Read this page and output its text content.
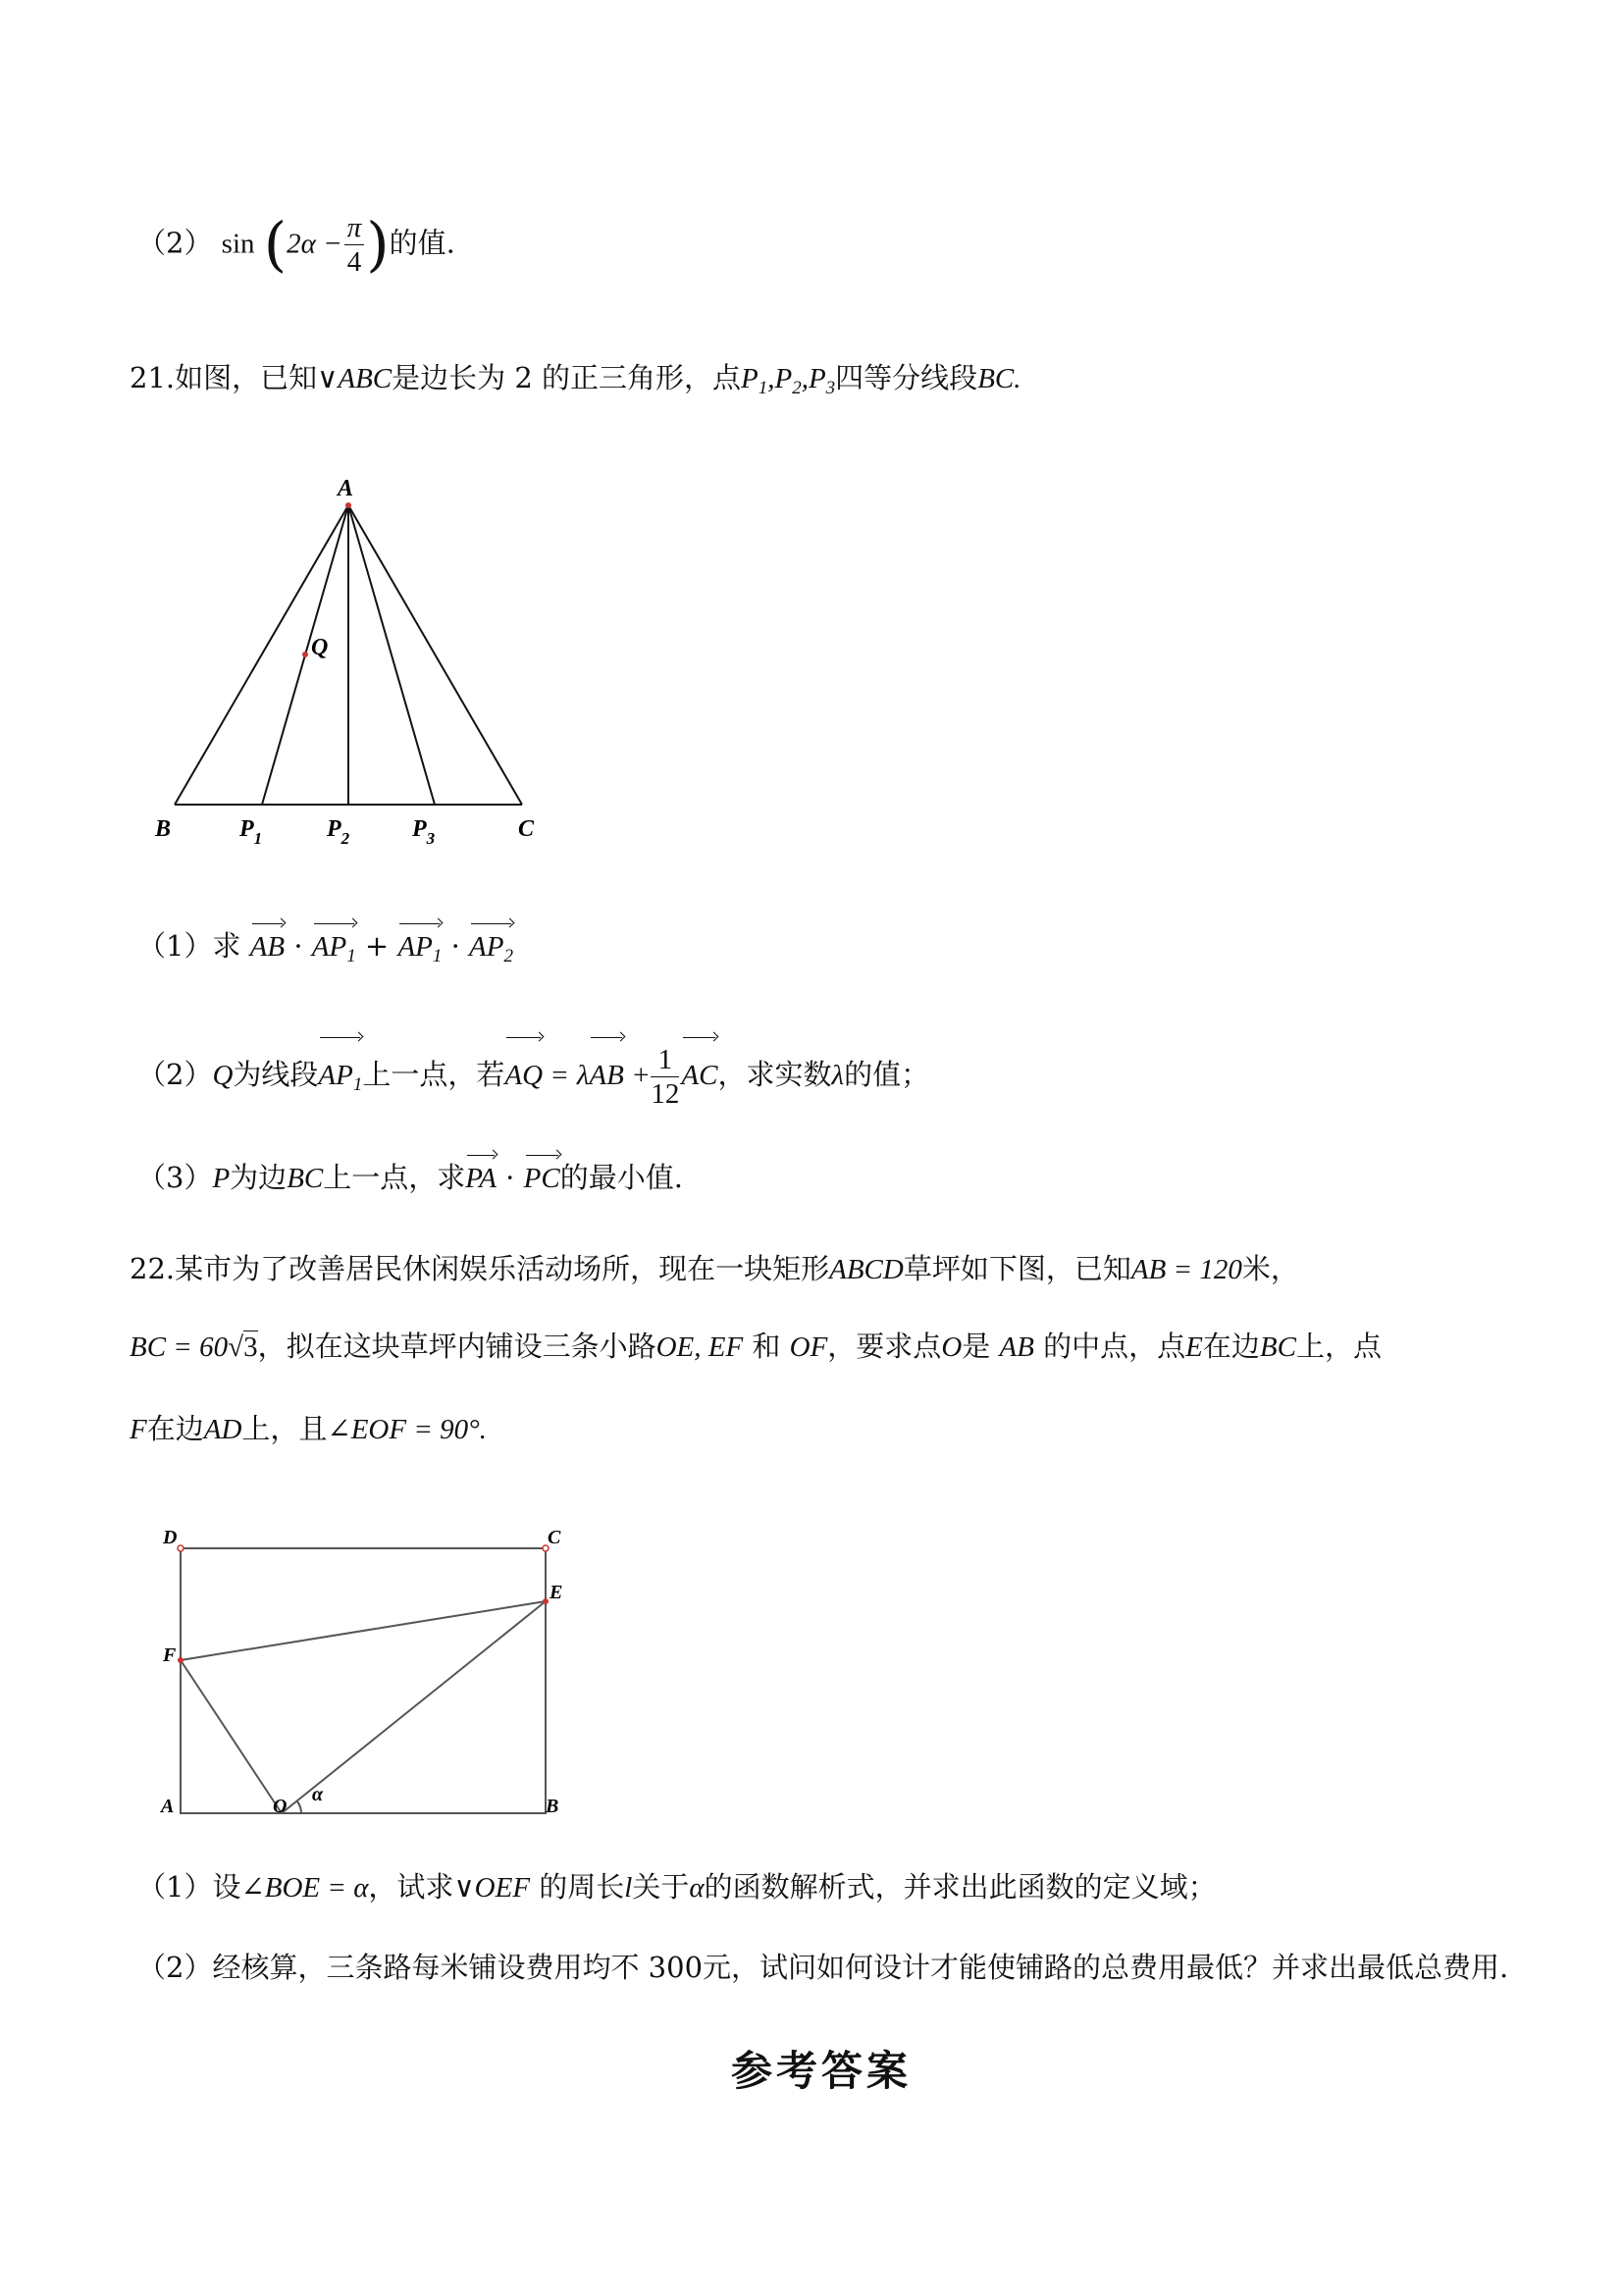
（2） $\sin (2\alpha - \frac{\pi}{4}$ )的值.
21.如图，已知∨ABC是边长为 2 的正三角形，点$P_1,P_2,P_3$四等分线段BC.
A
Q
B	$P_1$	$P_2$	$P_3$	C
（1）求 AB · $AP_1 + AP_1 \cdot AP_2$
（2）Q为线段$AP_1$上一点，若AQ = $\lambda AB + \frac{1}{12}$ AC，求实数λ的值；
（3）P为边BC上一点，求PA · PC的最小值.
22.某市为了改善居民休闲娱乐活动场所，现在一块矩形ABCD草坪如下图，已知AB = 120米，
BC = 60√3，拟在这块草坪内铺设三条小路OE, EF 和 OF，要求点O是 AB 的中点，点E在边BC上，点
F在边AD上，且∠EOF = 90°.
D	C
E
F
A	O	B
α
（1）设∠BOE = α，试求∨OEF 的周长l关于α的函数解析式，并求出此函数的定义域；
（2）经核算，三条路每米铺设费用均不 300元，试问如何设计才能使铺路的总费用最低？并求出最低总费用.
参考答案
